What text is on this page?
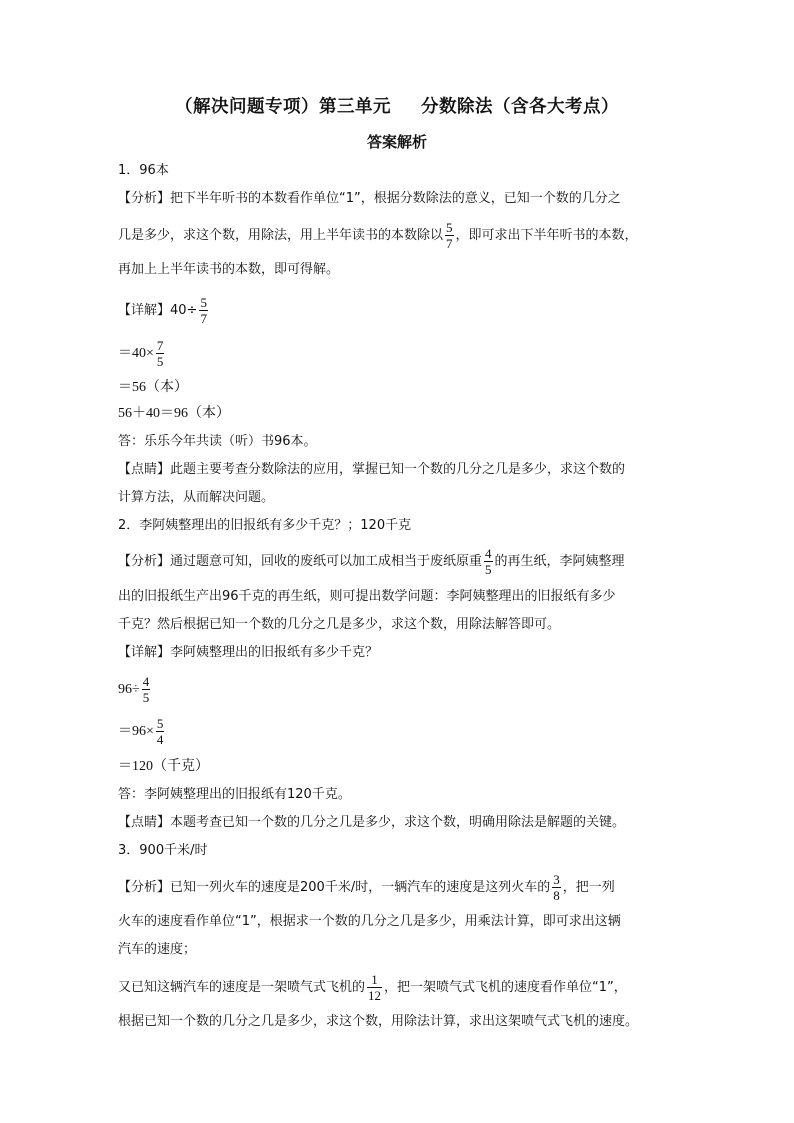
（解决问题专项）第三单元 分数除法（含各大考点）
答案解析
1．96本
【分析】把下半年听书的本数看作单位“1”，根据分数除法的意义，已知一个数的几分之
几是多少，求这个数，用除法，用上半年读书的本数除以 $\frac{5}{7}$ ，即可求出下半年听书的本数，
再加上上半年读书的本数，即可得解。
【详解】$40\div \frac{5}{7}$
$=40\times \frac{7}{5}$
＝56（本）
56＋40＝96（本）
答：乐乐今年共读（听）书96本。
【点睛】此题主要考查分数除法的应用，掌握已知一个数的几分之几是多少，求这个数的
计算方法，从而解决问题。
2．李阿姨整理出的旧报纸有多少千克？；120千克
【分析】通过题意可知，回收的废纸可以加工成相当于废纸原重 $\frac{4}{5}$ 的再生纸，李阿姨整理
出的旧报纸生产出96千克的再生纸，则可提出数学问题：李阿姨整理出的旧报纸有多少
千克？然后根据已知一个数的几分之几是多少，求这个数，用除法解答即可。
【详解】李阿姨整理出的旧报纸有多少千克？
$96\div \frac{4}{5}$
$=96\times \frac{5}{4}$
＝120（千克）
答：李阿姨整理出的旧报纸有120千克。
【点睛】本题考查已知一个数的几分之几是多少，求这个数，明确用除法是解题的关键。
3．900千米/时
【分析】已知一列火车的速度是200千米/时，一辆汽车的速度是这列火车的 $\frac{3}{8}$ ，把一列
火车的速度看作单位“1”，根据求一个数的几分之几是多少，用乘法计算，即可求出这辆
汽车的速度；
又已知这辆汽车的速度是一架喷气式飞机的 $\frac{1}{12}$ ，把一架喷气式飞机的速度看作单位“1”，
根据已知一个数的几分之几是多少，求这个数，用除法计算，求出这架喷气式飞机的速度。
